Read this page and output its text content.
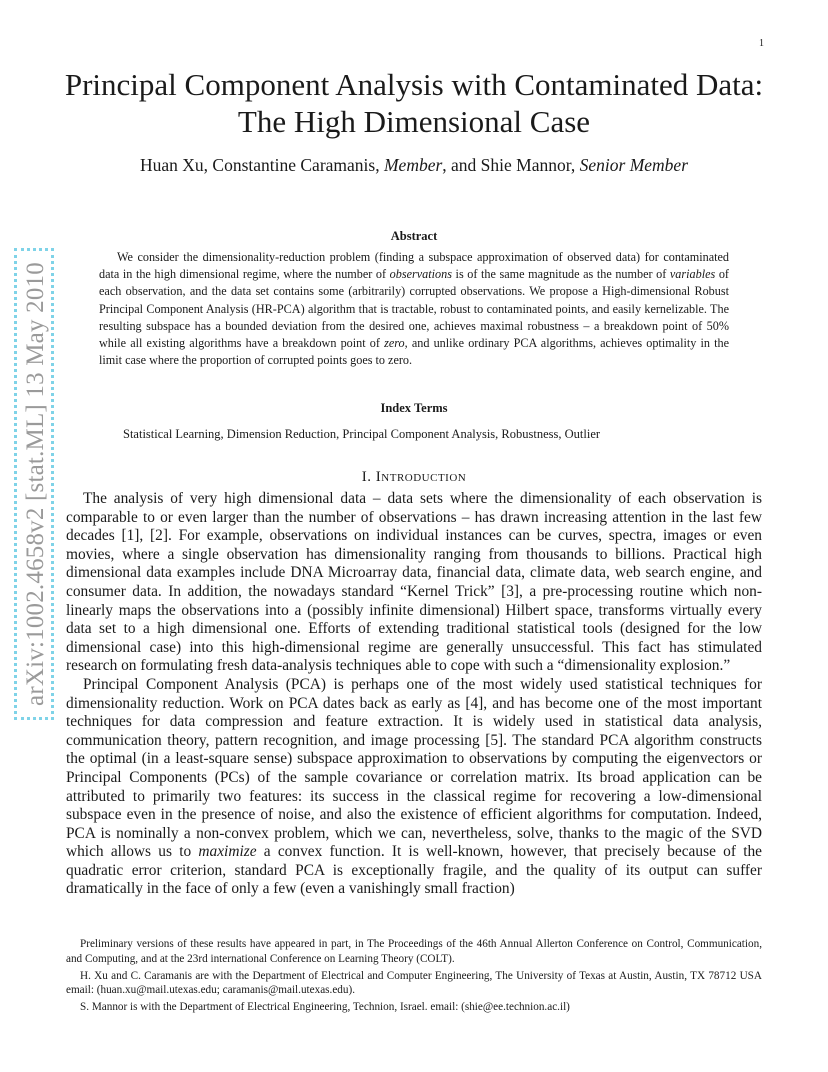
1
arXiv:1002.4658v2 [stat.ML] 13 May 2010
Principal Component Analysis with Contaminated Data: The High Dimensional Case
Huan Xu, Constantine Caramanis, Member, and Shie Mannor, Senior Member
Abstract
We consider the dimensionality-reduction problem (finding a subspace approximation of observed data) for contaminated data in the high dimensional regime, where the number of observations is of the same magnitude as the number of variables of each observation, and the data set contains some (arbitrarily) corrupted observations. We propose a High-dimensional Robust Principal Component Analysis (HR-PCA) algorithm that is tractable, robust to contaminated points, and easily kernelizable. The resulting subspace has a bounded deviation from the desired one, achieves maximal robustness – a breakdown point of 50% while all existing algorithms have a breakdown point of zero, and unlike ordinary PCA algorithms, achieves optimality in the limit case where the proportion of corrupted points goes to zero.
Index Terms
Statistical Learning, Dimension Reduction, Principal Component Analysis, Robustness, Outlier
I. Introduction

The analysis of very high dimensional data – data sets where the dimensionality of each observation is comparable to or even larger than the number of observations – has drawn increasing attention in the last few decades [1], [2]. For example, observations on individual instances can be curves, spectra, images or even movies, where a single observation has dimensionality ranging from thousands to billions. Practical high dimensional data examples include DNA Microarray data, financial data, climate data, web search engine, and consumer data. In addition, the nowadays standard “Kernel Trick” [3], a pre-processing routine which non-linearly maps the observations into a (possibly infinite dimensional) Hilbert space, transforms virtually every data set to a high dimensional one. Efforts of extending traditional statistical tools (designed for the low dimensional case) into this high-dimensional regime are generally unsuccessful. This fact has stimulated research on formulating fresh data-analysis techniques able to cope with such a “dimensionality explosion.”

Principal Component Analysis (PCA) is perhaps one of the most widely used statistical techniques for dimensionality reduction. Work on PCA dates back as early as [4], and has become one of the most important techniques for data compression and feature extraction. It is widely used in statistical data analysis, communication theory, pattern recognition, and image processing [5]. The standard PCA algorithm constructs the optimal (in a least-square sense) subspace approximation to observations by computing the eigenvectors or Principal Components (PCs) of the sample covariance or correlation matrix. Its broad application can be attributed to primarily two features: its success in the classical regime for recovering a low-dimensional subspace even in the presence of noise, and also the existence of efficient algorithms for computation. Indeed, PCA is nominally a non-convex problem, which we can, nevertheless, solve, thanks to the magic of the SVD which allows us to maximize a convex function. It is well-known, however, that precisely because of the quadratic error criterion, standard PCA is exceptionally fragile, and the quality of its output can suffer dramatically in the face of only a few (even a vanishingly small fraction)

Preliminary versions of these results have appeared in part, in The Proceedings of the 46th Annual Allerton Conference on Control, Communication, and Computing, and at the 23rd international Conference on Learning Theory (COLT).

H. Xu and C. Caramanis are with the Department of Electrical and Computer Engineering, The University of Texas at Austin, Austin, TX 78712 USA email: (huan.xu@mail.utexas.edu; caramanis@mail.utexas.edu).

S. Mannor is with the Department of Electrical Engineering, Technion, Israel. email: (shie@ee.technion.ac.il)
